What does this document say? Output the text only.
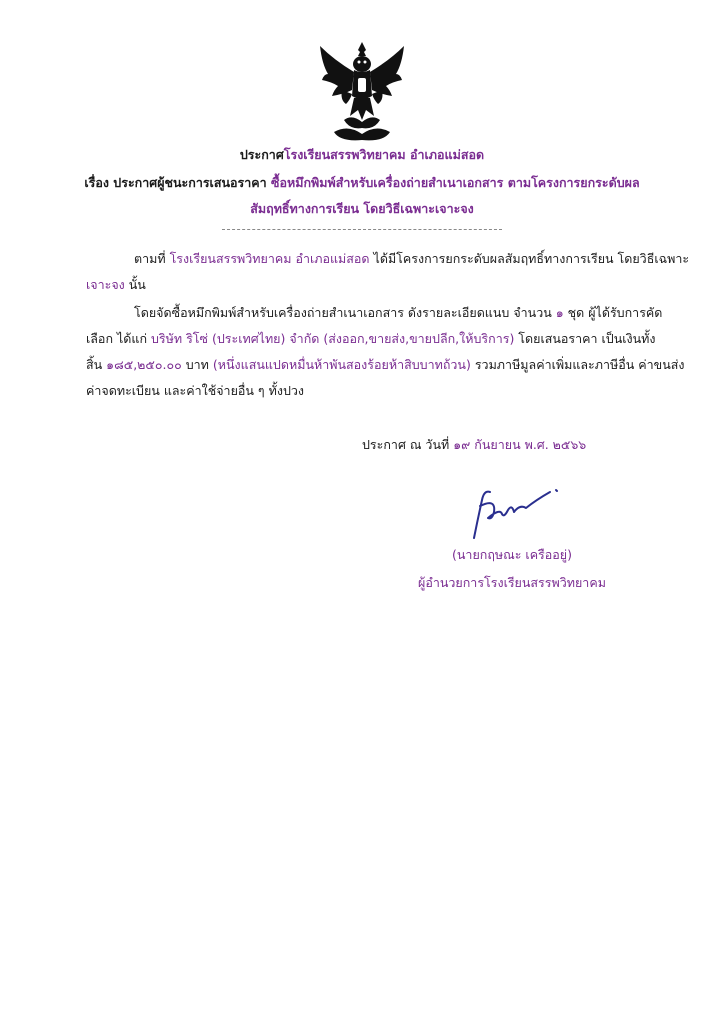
ประกาศโรงเรียนสรรพวิทยาคม อำเภอแม่สอด
เรื่อง ประกาศผู้ชนะการเสนอราคา ซื้อหมึกพิมพ์สำหรับเครื่องถ่ายสำเนาเอกสาร ตามโครงการยกระดับผล
สัมฤทธิ์ทางการเรียน โดยวิธีเฉพาะเจาะจง
ตามที่ โรงเรียนสรรพวิทยาคม อำเภอแม่สอด ได้มีโครงการยกระดับผลสัมฤทธิ์ทางการเรียน โดยวิธีเฉพาะ
เจาะจง นั้น
โดยจัดซื้อหมึกพิมพ์สำหรับเครื่องถ่ายสำเนาเอกสาร ดังรายละเอียดแนบ จำนวน ๑ ชุด ผู้ได้รับการคัด
เลือก ได้แก่ บริษัท ริโซ่ (ประเทศไทย) จำกัด (ส่งออก,ขายส่ง,ขายปลีก,ให้บริการ) โดยเสนอราคา เป็นเงินทั้ง
สิ้น ๑๘๕,๒๕๐.๐๐ บาท (หนึ่งแสนแปดหมื่นห้าพันสองร้อยห้าสิบบาทถ้วน) รวมภาษีมูลค่าเพิ่มและภาษีอื่น ค่าขนส่ง
ค่าจดทะเบียน และค่าใช้จ่ายอื่น ๆ ทั้งปวง
ประกาศ ณ วันที่ ๑๙ กันยายน พ.ศ. ๒๕๖๖
(นายกฤษณะ เครืออยู่)
ผู้อำนวยการโรงเรียนสรรพวิทยาคม
